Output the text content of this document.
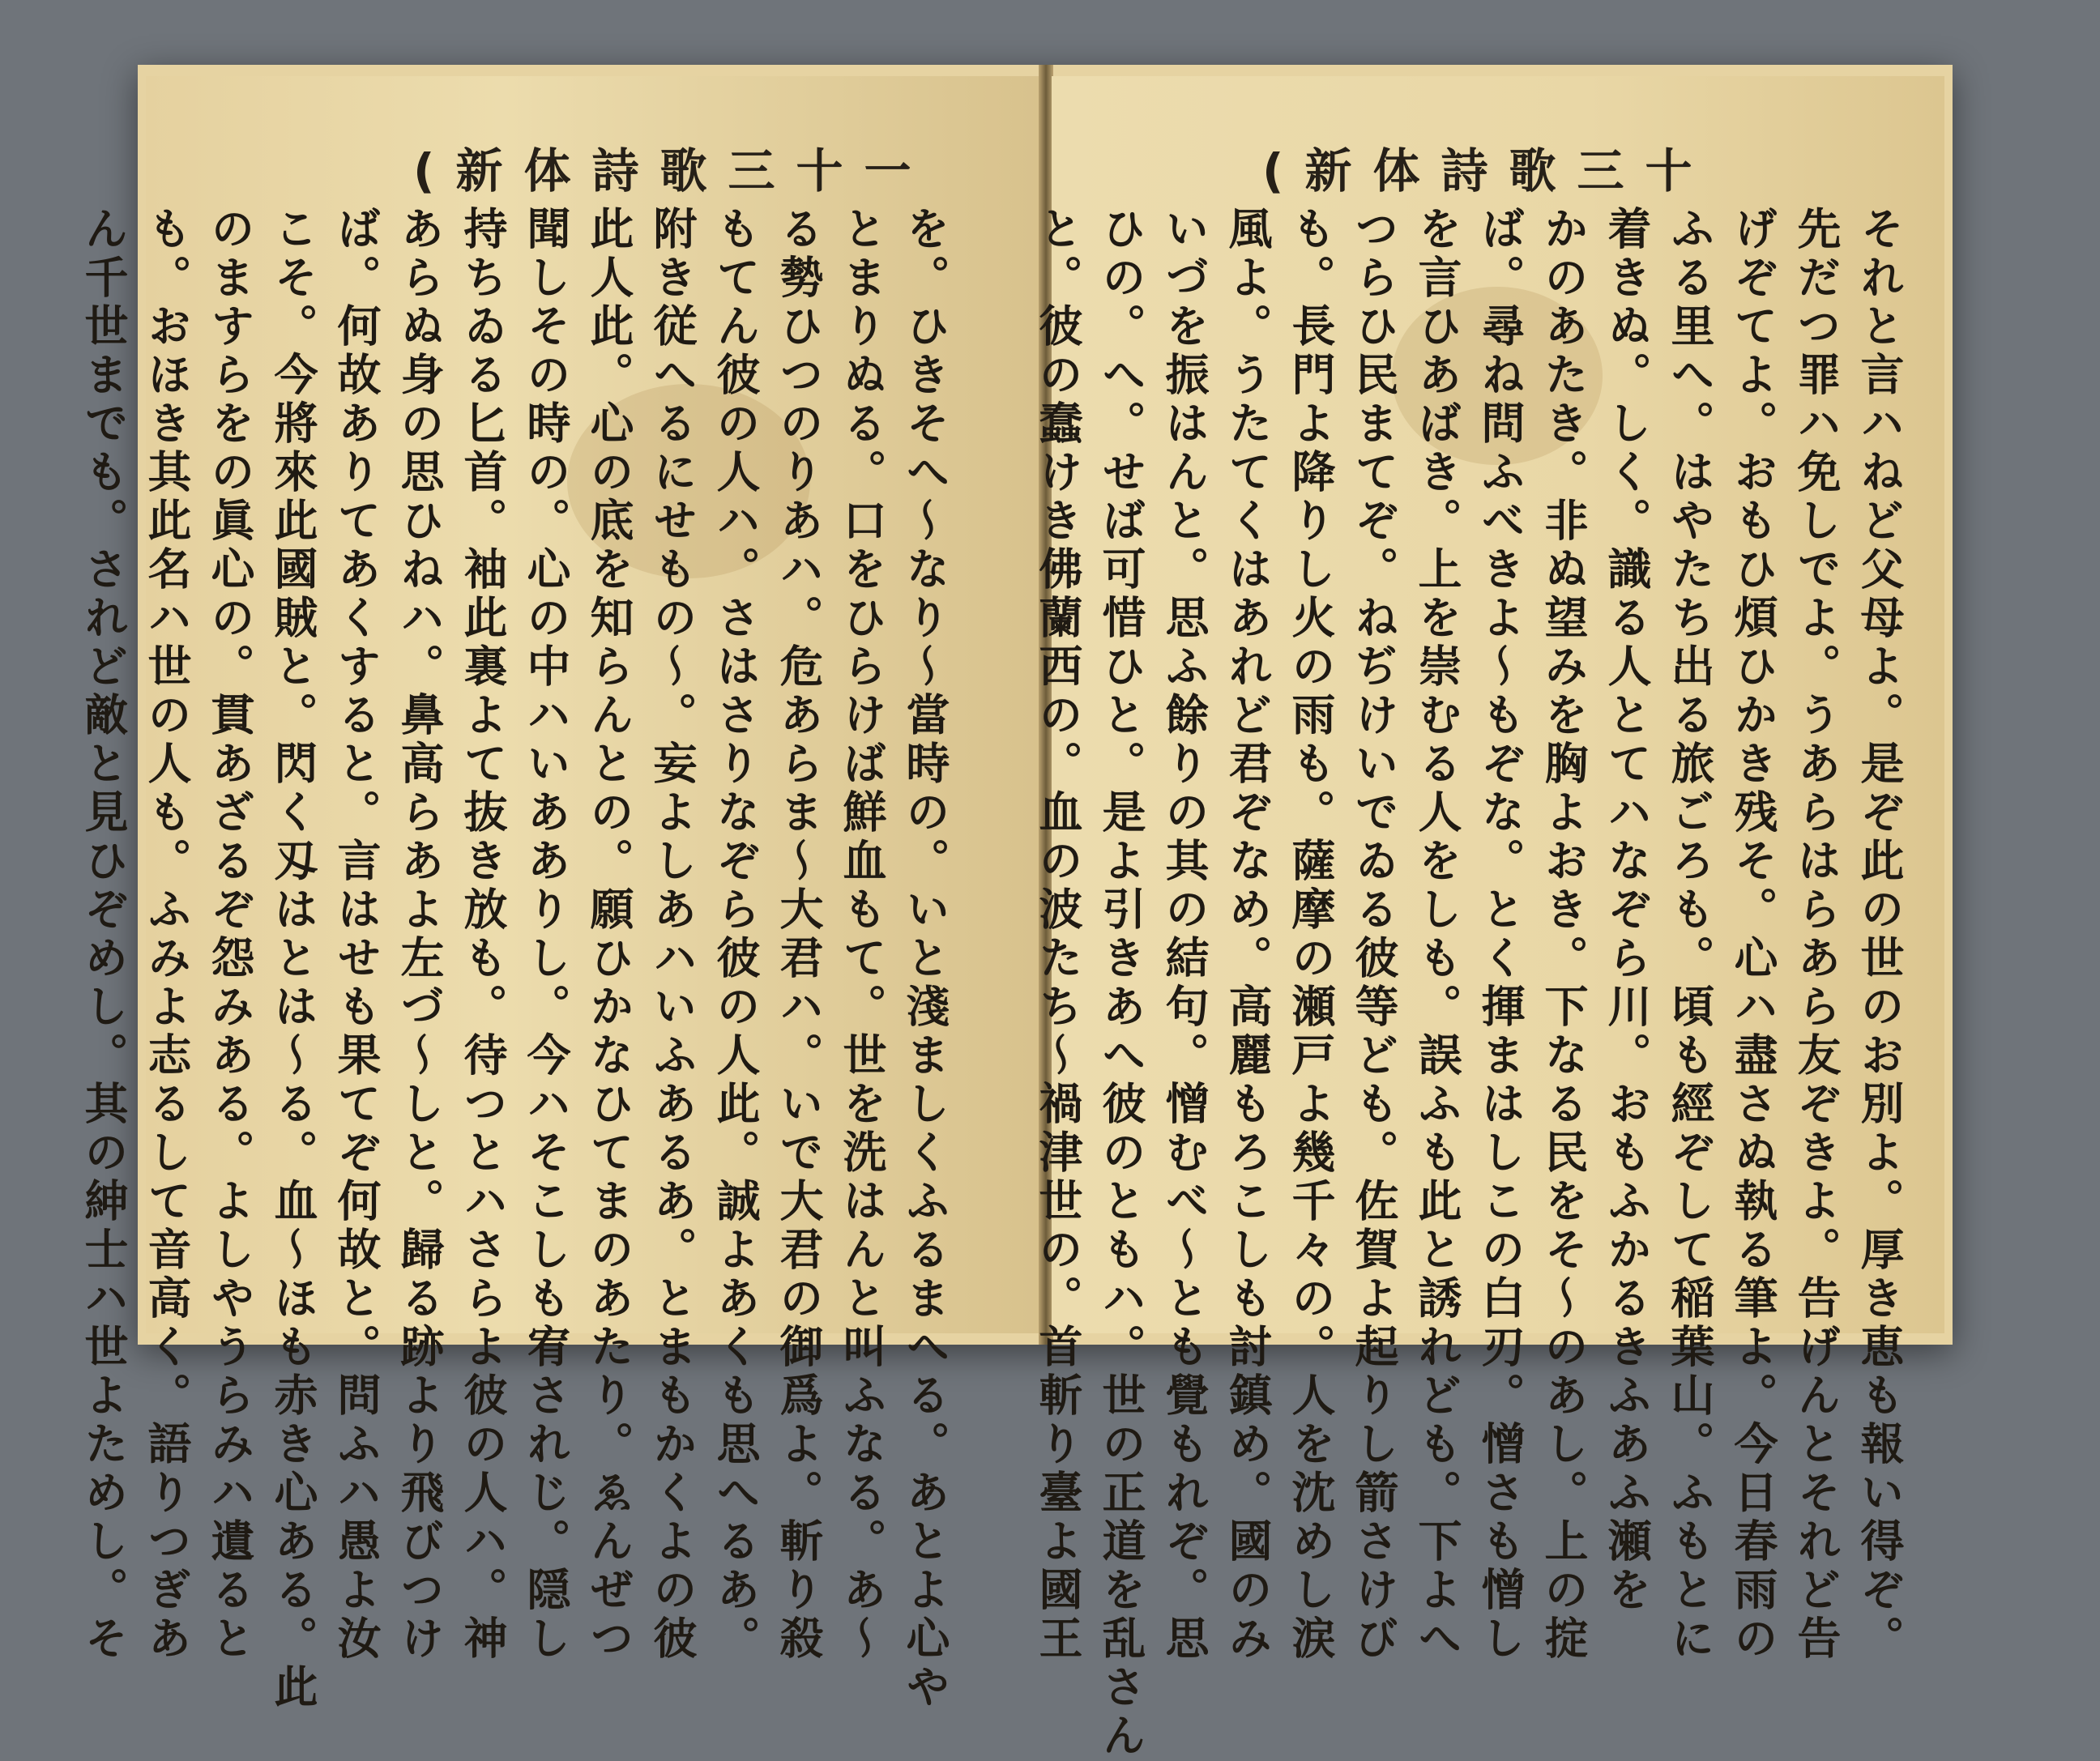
(新体詩歌三十一
を。ひきそへ～なり～當時の。いと淺ましくふるまへる。あとよ心や
とまりぬる。口をひらけば鮮血もて。世を洗はんと叫ふなる。あ～
る勢ひつのりあハ。危あらま～大君ハ。いで大君の御爲よ。斬り殺
もてん彼の人ハ。さはさりなぞら彼の人此。誠よあくも思へるあ。
附き従へるにせもの～。妄よしあハいふあるあ。とまもかくよの彼
此人此。心の底を知らんとの。願ひかなひてまのあたり。ゑんぜつ
聞しその時の。心の中ハいあありし。今ハそこしも宥されじ。隠し
持ちゐる匕首。袖此裏よて抜き放も。待つとハさらよ彼の人ハ。神
あらぬ身の思ひねハ。鼻高らあよ左づ～しと。歸る跡より飛びつけ
ば。何故ありてあくすると。言はせも果てぞ何故と。問ふハ愚よ汝
こそ。今將來此國賊と。閃く刄はとは～る。血～ほも赤き心ある。此
のますらをの眞心の。貫あざるぞ怨みある。よしやうらみハ遺ると
も。おほき其此名ハ世の人も。ふみよ志るして音高く。語りつぎあ
ん千世までも。されど敵と見ひぞめし。其の紳士ハ世よためし。そ
(新体詩歌三十
それと言ハねど父母よ。是ぞ此の世のお別よ。厚き恵も報い得ぞ。
先だつ罪ハ免しでよ。うあらはらあら友ぞきよ。告げんとそれど告
げぞてよ。おもひ煩ひかき残そ。心ハ盡さぬ執る筆よ。今日春雨の
ふる里へ。はやたち出る旅ごろも。頃も經ぞして稲葉山。ふもとに
着きぬ。しく。識る人とてハなぞら川。おもふかるきふあふ瀬を
かのあたき。非ぬ望みを胸よおき。下なる民をそ～のあし。上の掟
ば。尋ね問ふべきよ～もぞな。とく揮まはしこの白刃。憎さも憎し
を言ひあばき。上を崇むる人をしも。誤ふも此と誘れども。下よへ
つらひ民まてぞ。ねぢけいでゐる彼等ども。佐賀よ起りし箭さけび
も。長門よ降りし火の雨も。薩摩の瀬戸よ幾千々の。人を沈めし涙
風よ。うたてくはあれど君ぞなめ。高麗もろこしも討鎮め。國のみ
いづを振はんと。思ふ餘りの其の結句。憎むべ～とも覺もれぞ。思
ひの。へ。せば可惜ひと。是よ引きあへ彼のともハ。世の正道を乱さん
と。彼の蠢けき佛蘭西の。血の波たち～禍津世の。首斬り臺よ國王
